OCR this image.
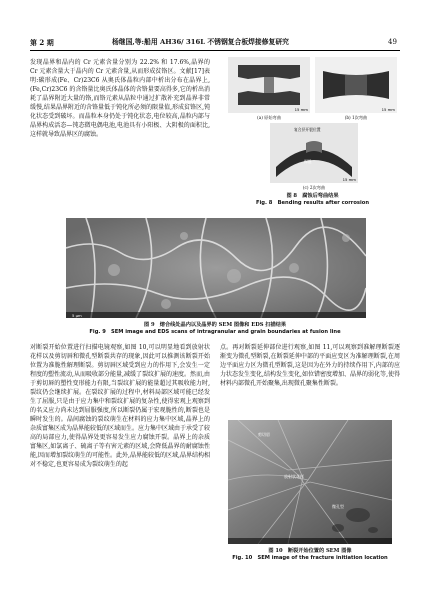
第 2 期	杨继国,等:船用 AH36/ 316L 不锈钢复合板焊接修复研究	49

发现晶界和晶内的 Cr 元素含量分别为 22.2% 和 17.6%,晶界的 Cr 元素含量大于晶内的 Cr 元素含量,从而形成贫铬区。文献[17]表明:碳形成(Fe、Cr)23C6 从奥氏体晶粒内部中析出分布在晶界上,(Fe,Cr)23C6 的含铬量比奥氏体晶体的含铬量要高得多,它的析出消耗了晶界附近大量的铬,而铬元素从晶粒中通过扩散补充到晶界非常缓慢,结果晶界附近的含铬量低于钝化所必须的限量值,形成贫铬区,钝化状态受到破坏。而晶粒本身仍处于钝化状态,电位较高,晶粒内部与晶界构成活态—钝态微电偶电池,电池具有小阳极、大阴极的面积比,这样就导致晶界区的腐蚀。

15 mm	15 mm
(a) 原始弯曲	(b) 1次弯曲
复合层开裂位置
焊缝
15 mm
(c) 2次弯曲
图 8　腐蚀后弯曲结果
Fig. 8　Bending results after corrosion
5 μm
图 9　熔合线处晶内以及晶界的 SEM 图像和 EDS 扫描结果
Fig. 9　SEM image and EDS scans of intragranular and grain boundaries at fusion line

对断裂开始位置进行扫描电镜观察,如图 10,可以明显地看到放射状花样以及剪切唇和微孔型断裂共存的现象,因此可以推测该断裂开始位置为准脆性解理断裂。剪切唇区域受到应力的作用下,会发生一定程度的塑性流动,从而吸收部分能量,减缓了裂纹扩展的速度。然而,由于剪切唇的塑性变形能力有限,当裂纹扩展的能量超过其吸收能力时,裂纹仍会继续扩展。在裂纹扩展的过程中,材料局部区域可能已经发生了屈服,只是由于应力集中和裂纹扩展的复杂性,使得宏观上观察到的名义应力尚未达到屈服强度,所以断裂仍属于宏观脆性的,断裂也是瞬时发生的。晶间腐蚀的裂纹萌生在材料的应力集中区域,晶界上的杂质富集区成为晶界能较低的区域而生。应力集中区域由于承受了较高的局部应力,使得晶界处更容易发生应力腐蚀开裂。晶界上的杂质富集区,如氯离子、硫离子等有害元素的区域,会降低晶界的耐腐蚀性能,因而增加裂纹萌生的可能性。此外,晶界能较低的区域,晶界结构相对不稳定,也更容易成为裂纹萌生的起

点。再对断裂延伸部位进行观察,如图 11,可以观察到准解理断裂逐渐变为微孔型断裂,在断裂延伸中部的平面应变区为准解理断裂,在周边平面应力区为微孔型断裂,这是因为在外力的持续作用下,内部的应力状态发生变化,结构发生变化,如位错密度增加、晶界的弱化等,使得材料内部微孔开始聚集,出现微孔聚集性断裂。

剪切唇
放射状花样
微孔型
图 10　断裂开始位置的 SEM 图像
Fig. 10　SEM image of the fracture initiation location
